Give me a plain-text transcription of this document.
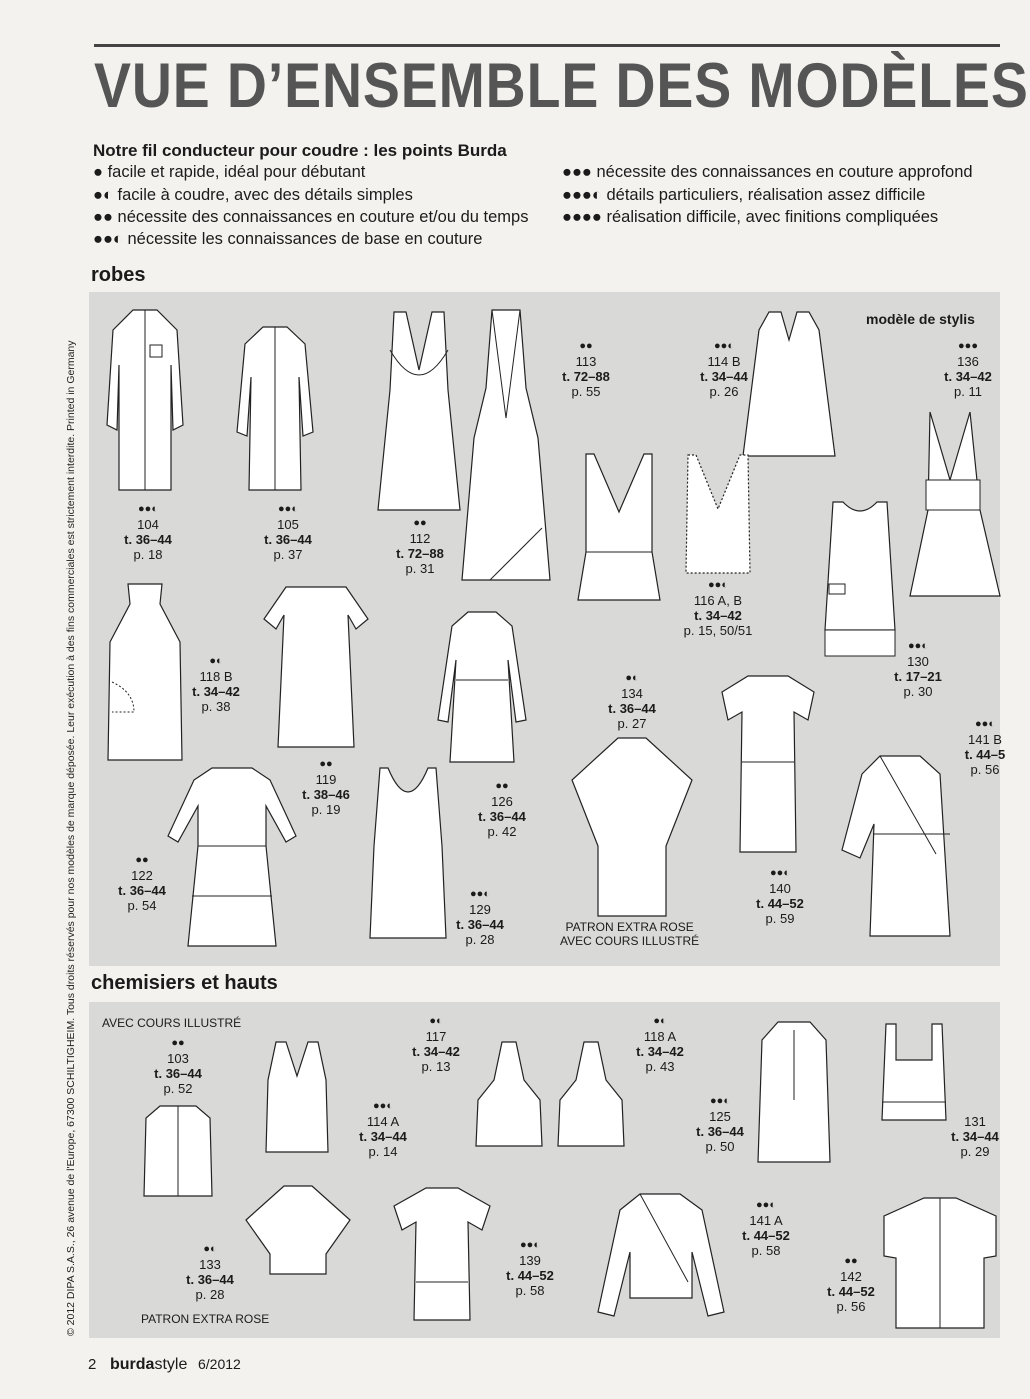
© 2012 DIPA S.A.S., 26 avenue de l'Europe, 67300 SCHILTIGHEIM. Tous droits réservés pour nos modèles de marque déposée. Leur exécution à des fins commerciales est strictement interdite. Printed in Germany
VUE D’ENSEMBLE DES MODÈLES
Notre fil conducteur pour coudre : les points Burda
● facile et rapide, idéal pour débutant
●◐ facile à coudre, avec des détails simples
●● nécessite des connaissances en couture et/ou du temps
●●◐ nécessite les connaissances de base en couture
●●● nécessite des connaissances en couture approfond
●●●◐ détails particuliers, réalisation assez difficile
●●●● réalisation difficile, avec finitions compliquées
robes
modèle de stylis
●●◐
104
t. 36–44
p. 18
●●◐
105
t. 36–44
p. 37
●●
112
t. 72–88
p. 31
●●
113
t. 72–88
p. 55
●●◐
114 B
t. 34–44
p. 26
●●●
136
t. 34–42
p. 11
●●◐
116 A, B
t. 34–42
p. 15, 50/51
●◐
118 B
t. 34–42
p. 38
●◐
134
t. 36–44
p. 27
●●◐
130
t. 17–21
p. 30
●●◐
141 B
t. 44–5
p. 56
●●
119
t. 38–46
p. 19
●●
126
t. 36–44
p. 42
●●
122
t. 36–44
p. 54
●●◐
129
t. 36–44
p. 28
●●◐
140
t. 44–52
p. 59
PATRON EXTRA ROSE
AVEC COURS ILLUSTRÉ
chemisiers et hauts
AVEC COURS ILLUSTRÉ
●●
103
t. 36–44
p. 52
●◐
117
t. 34–42
p. 13
●◐
118 A
t. 34–42
p. 43
●●◐
114 A
t. 34–44
p. 14
●●◐
125
t. 36–44
p. 50
131
t. 34–44
p. 29
●◐
133
t. 36–44
p. 28
●●◐
139
t. 44–52
p. 58
●●◐
141 A
t. 44–52
p. 58
●●
142
t. 44–52
p. 56
PATRON EXTRA ROSE
2 burdastyle 6/2012
